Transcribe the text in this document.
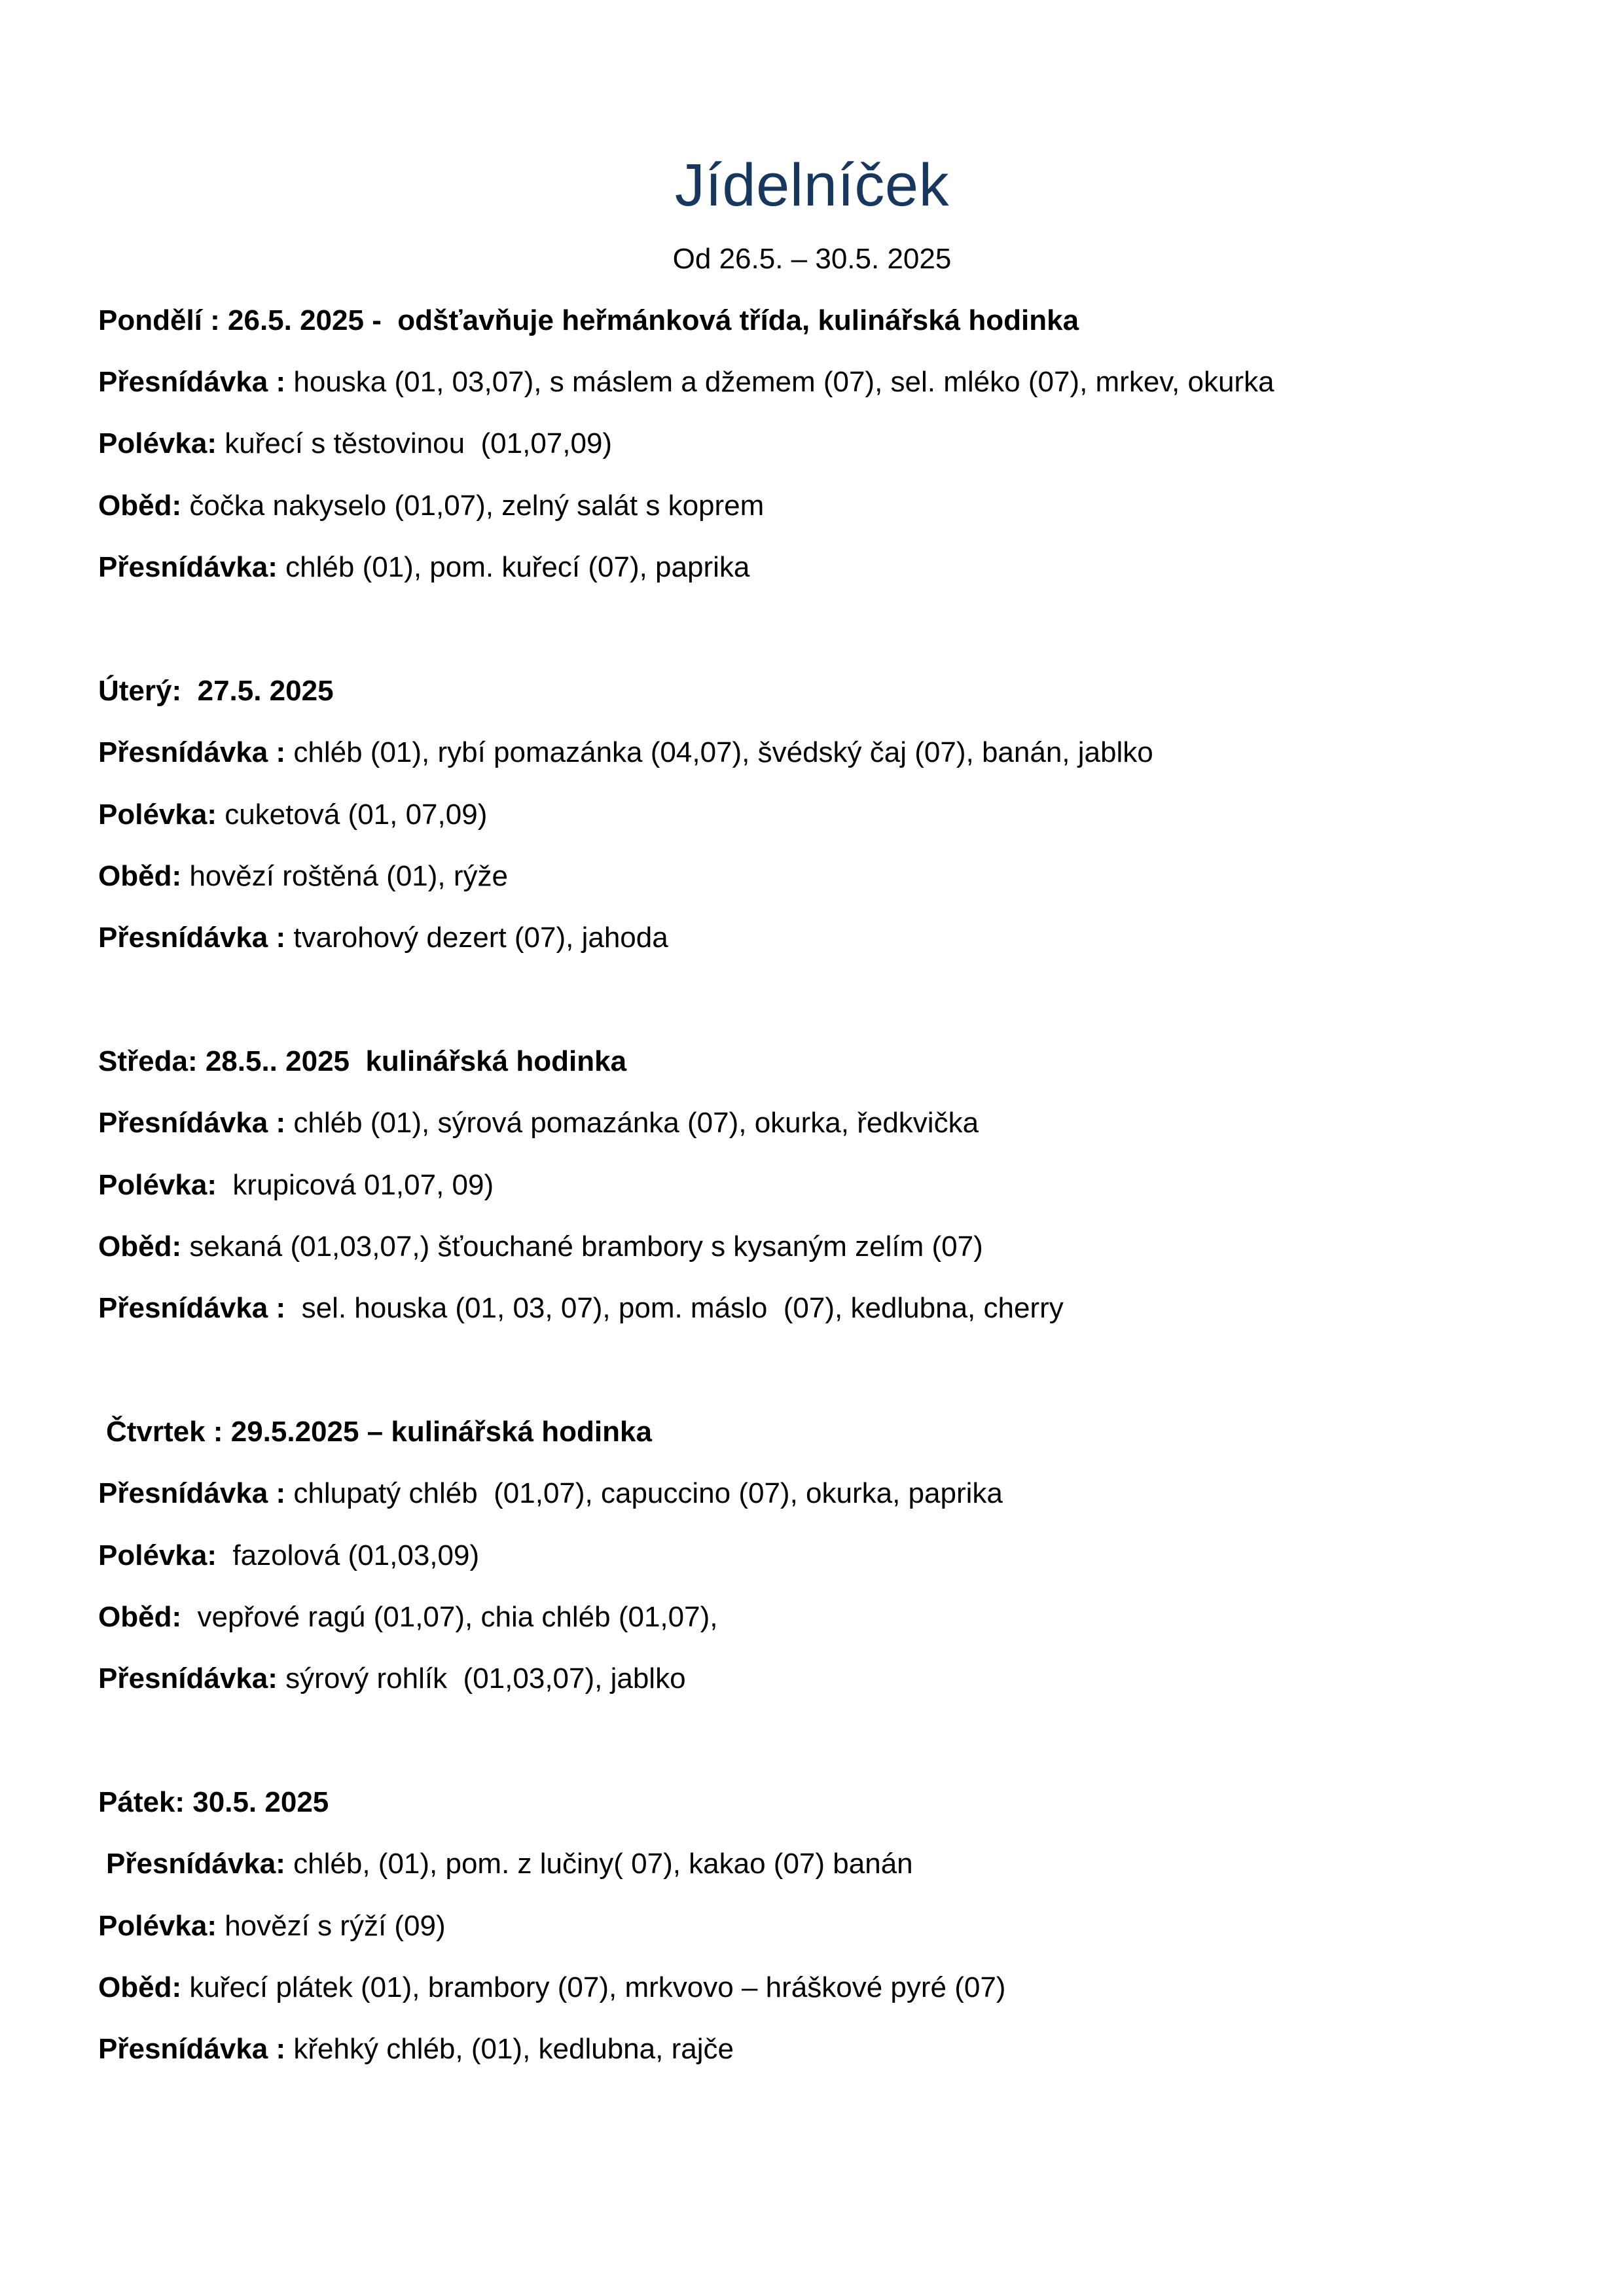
Jídelníček
Od 26.5. – 30.5. 2025
Pondělí : 26.5. 2025 -  odšťavňuje heřmánková třída, kulinářská hodinka
Přesnídávka : houska (01, 03,07), s máslem a džemem (07), sel. mléko (07), mrkev, okurka
Polévka: kuřecí s těstovinou  (01,07,09)
Oběd: čočka nakyselo (01,07), zelný salát s koprem
Přesnídávka: chléb (01), pom. kuřecí (07), paprika
Úterý:  27.5. 2025
Přesnídávka : chléb (01), rybí pomazánka (04,07), švédský čaj (07), banán, jablko
Polévka: cuketová (01, 07,09)
Oběd: hovězí roštěná (01), rýže
Přesnídávka : tvarohový dezert (07), jahoda
Středa: 28.5.. 2025  kulinářská hodinka
Přesnídávka : chléb (01), sýrová pomazánka (07), okurka, ředkvička
Polévka:  krupicová 01,07, 09)
Oběd: sekaná (01,03,07,) šťouchané brambory s kysaným zelím (07)
Přesnídávka :  sel. houska (01, 03, 07), pom. máslo  (07), kedlubna, cherry
Čtvrtek : 29.5.2025 – kulinářská hodinka
Přesnídávka : chlupatý chléb  (01,07), capuccino (07), okurka, paprika
Polévka:  fazolová (01,03,09)
Oběd:  vepřové ragú (01,07), chia chléb (01,07),
Přesnídávka: sýrový rohlík  (01,03,07), jablko
Pátek: 30.5. 2025
Přesnídávka: chléb, (01), pom. z lučiny( 07), kakao (07) banán
Polévka: hovězí s rýží (09)
Oběd: kuřecí plátek (01), brambory (07), mrkvovo – hráškové pyré (07)
Přesnídávka : křehký chléb, (01), kedlubna, rajče
